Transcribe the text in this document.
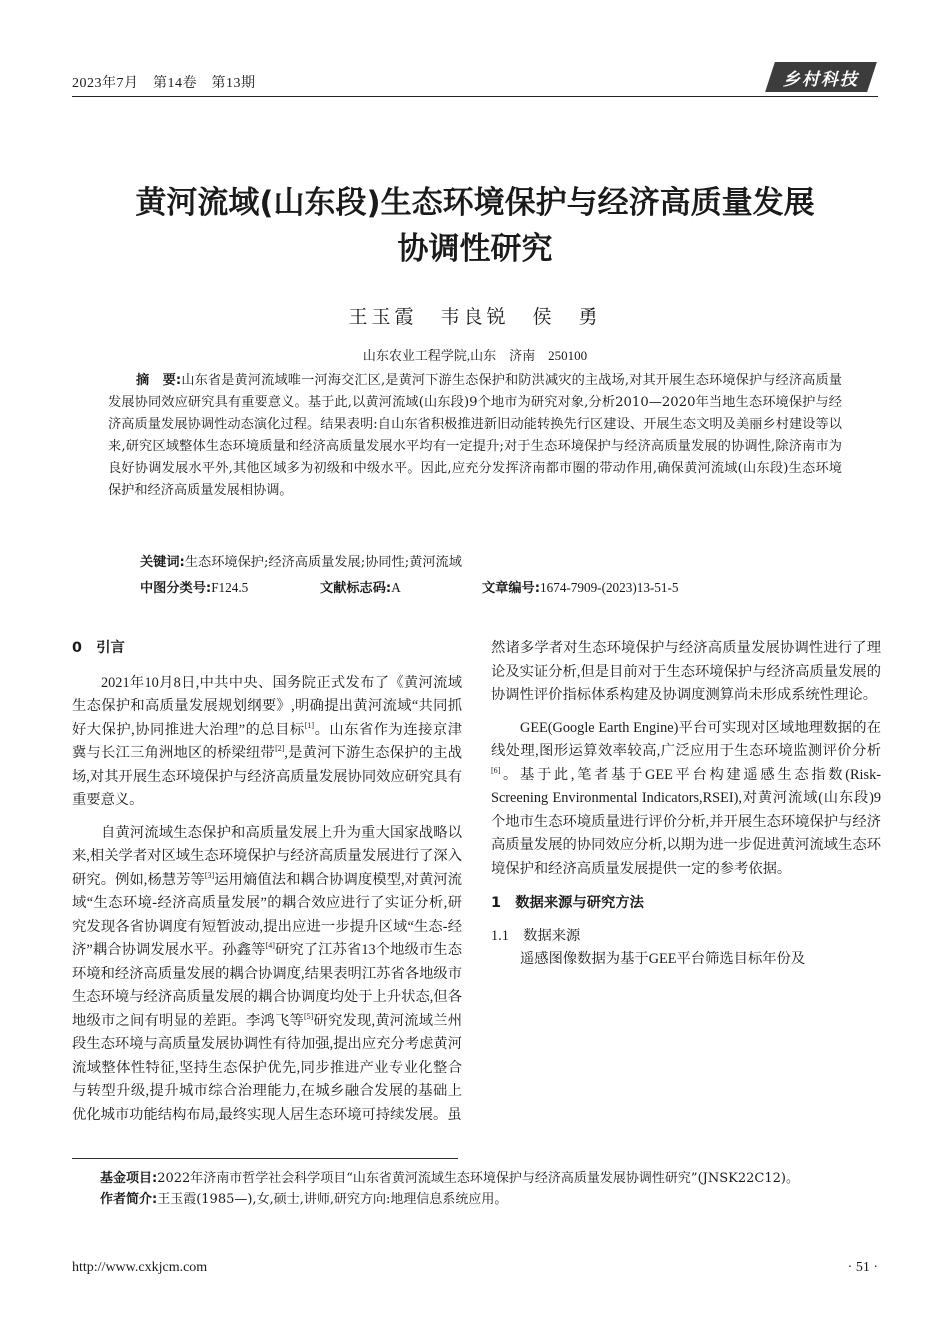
2023年7月　第14卷　第13期	乡村科技
黄河流域(山东段)生态环境保护与经济高质量发展
协调性研究
王玉霞　韦良锐　侯　勇
山东农业工程学院,山东　济南　250100
摘　要:山东省是黄河流域唯一河海交汇区,是黄河下游生态保护和防洪减灾的主战场,对其开展生态环境保护与经济高质量发展协同效应研究具有重要意义。基于此,以黄河流域(山东段)9个地市为研究对象,分析2010—2020年当地生态环境保护与经济高质量发展协调性动态演化过程。结果表明:自山东省积极推进新旧动能转换先行区建设、开展生态文明及美丽乡村建设等以来,研究区域整体生态环境质量和经济高质量发展水平均有一定提升;对于生态环境保护与经济高质量发展的协调性,除济南市为良好协调发展水平外,其他区域多为初级和中级水平。因此,应充分发挥济南都市圈的带动作用,确保黄河流域(山东段)生态环境保护和经济高质量发展相协调。
关键词:生态环境保护;经济高质量发展;协同性;黄河流域
中图分类号:F124.5	文献标志码:A	文章编号:1674-7909-(2023)13-51-5
0　引言

2021年10月8日,中共中央、国务院正式发布了《黄河流域生态保护和高质量发展规划纲要》,明确提出黄河流域“共同抓好大保护,协同推进大治理”的总目标[1]。山东省作为连接京津冀与长江三角洲地区的桥梁纽带[2],是黄河下游生态保护的主战场,对其开展生态环境保护与经济高质量发展协同效应研究具有重要意义。

自黄河流域生态保护和高质量发展上升为重大国家战略以来,相关学者对区域生态环境保护与经济高质量发展进行了深入研究。例如,杨慧芳等[3]运用熵值法和耦合协调度模型,对黄河流域“生态环境-经济高质量发展”的耦合效应进行了实证分析,研究发现各省协调度有短暂波动,提出应进一步提升区域“生态-经济”耦合协调发展水平。孙鑫等[4]研究了江苏省13个地级市生态环境和经济高质量发展的耦合协调度,结果表明江苏省各地级市生态环境与经济高质量发展的耦合协调度均处于上升状态,但各地级市之间有明显的差距。李鸿飞等[5]研究发现,黄河流域兰州段生态环境与高质量发展协调性有待加强,提出应充分考虑黄河流域整体性特征,坚持生态保护优先,同步推进产业专业化整合与转型升级,提升城市综合治理能力,在城乡融合发展的基础上优化城市功能结构布局,最终实现人居生态环境可持续发展。虽

然诸多学者对生态环境保护与经济高质量发展协调性进行了理论及实证分析,但是目前对于生态环境保护与经济高质量发展的协调性评价指标体系构建及协调度测算尚未形成系统性理论。

GEE(Google Earth Engine)平台可实现对区域地理数据的在线处理,图形运算效率较高,广泛应用于生态环境监测评价分析[6]。基于此,笔者基于GEE平台构建遥感生态指数(Risk-Screening Environmental Indicators,RSEI),对黄河流域(山东段)9个地市生态环境质量进行评价分析,并开展生态环境保护与经济高质量发展的协同效应分析,以期为进一步促进黄河流域生态环境保护和经济高质量发展提供一定的参考依据。

1　数据来源与研究方法
1.1　数据来源

遥感图像数据为基于GEE平台筛选目标年份及

基金项目:2022年济南市哲学社会科学项目“山东省黄河流域生态环境保护与经济高质量发展协调性研究”(JNSK22C12)。

作者简介:王玉霞(1985—),女,硕士,讲师,研究方向:地理信息系统应用。

http://www.cxkjcm.com	· 51 ·
